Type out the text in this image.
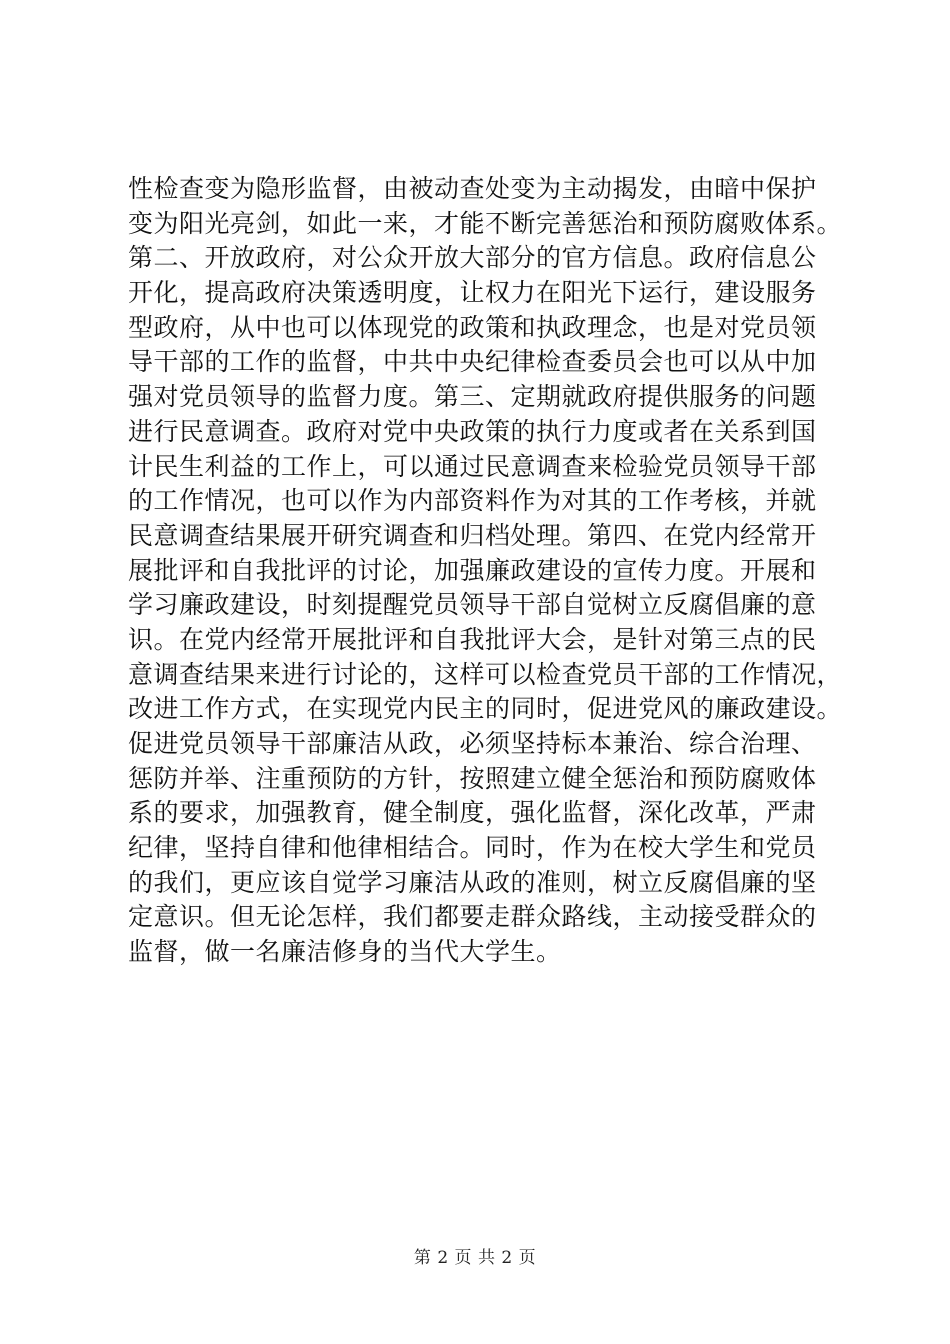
性检查变为隐形监督，由被动查处变为主动揭发，由暗中保护
变为阳光亮剑，如此一来，才能不断完善惩治和预防腐败体系。
第二、开放政府，对公众开放大部分的官方信息。政府信息公
开化，提高政府决策透明度，让权力在阳光下运行，建设服务
型政府，从中也可以体现党的政策和执政理念，也是对党员领
导干部的工作的监督，中共中央纪律检查委员会也可以从中加
强对党员领导的监督力度。第三、定期就政府提供服务的问题
进行民意调查。政府对党中央政策的执行力度或者在关系到国
计民生利益的工作上，可以通过民意调查来检验党员领导干部
的工作情况，也可以作为内部资料作为对其的工作考核，并就
民意调查结果展开研究调查和归档处理。第四、在党内经常开
展批评和自我批评的讨论，加强廉政建设的宣传力度。开展和
学习廉政建设，时刻提醒党员领导干部自觉树立反腐倡廉的意
识。在党内经常开展批评和自我批评大会，是针对第三点的民
意调查结果来进行讨论的，这样可以检查党员干部的工作情况，
改进工作方式，在实现党内民主的同时，促进党风的廉政建设。
促进党员领导干部廉洁从政，必须坚持标本兼治、综合治理、
惩防并举、注重预防的方针，按照建立健全惩治和预防腐败体
系的要求，加强教育，健全制度，强化监督，深化改革，严肃
纪律，坚持自律和他律相结合。同时，作为在校大学生和党员
的我们，更应该自觉学习廉洁从政的准则，树立反腐倡廉的坚
定意识。但无论怎样，我们都要走群众路线，主动接受群众的
监督，做一名廉洁修身的当代大学生。
第 2 页 共 2 页
